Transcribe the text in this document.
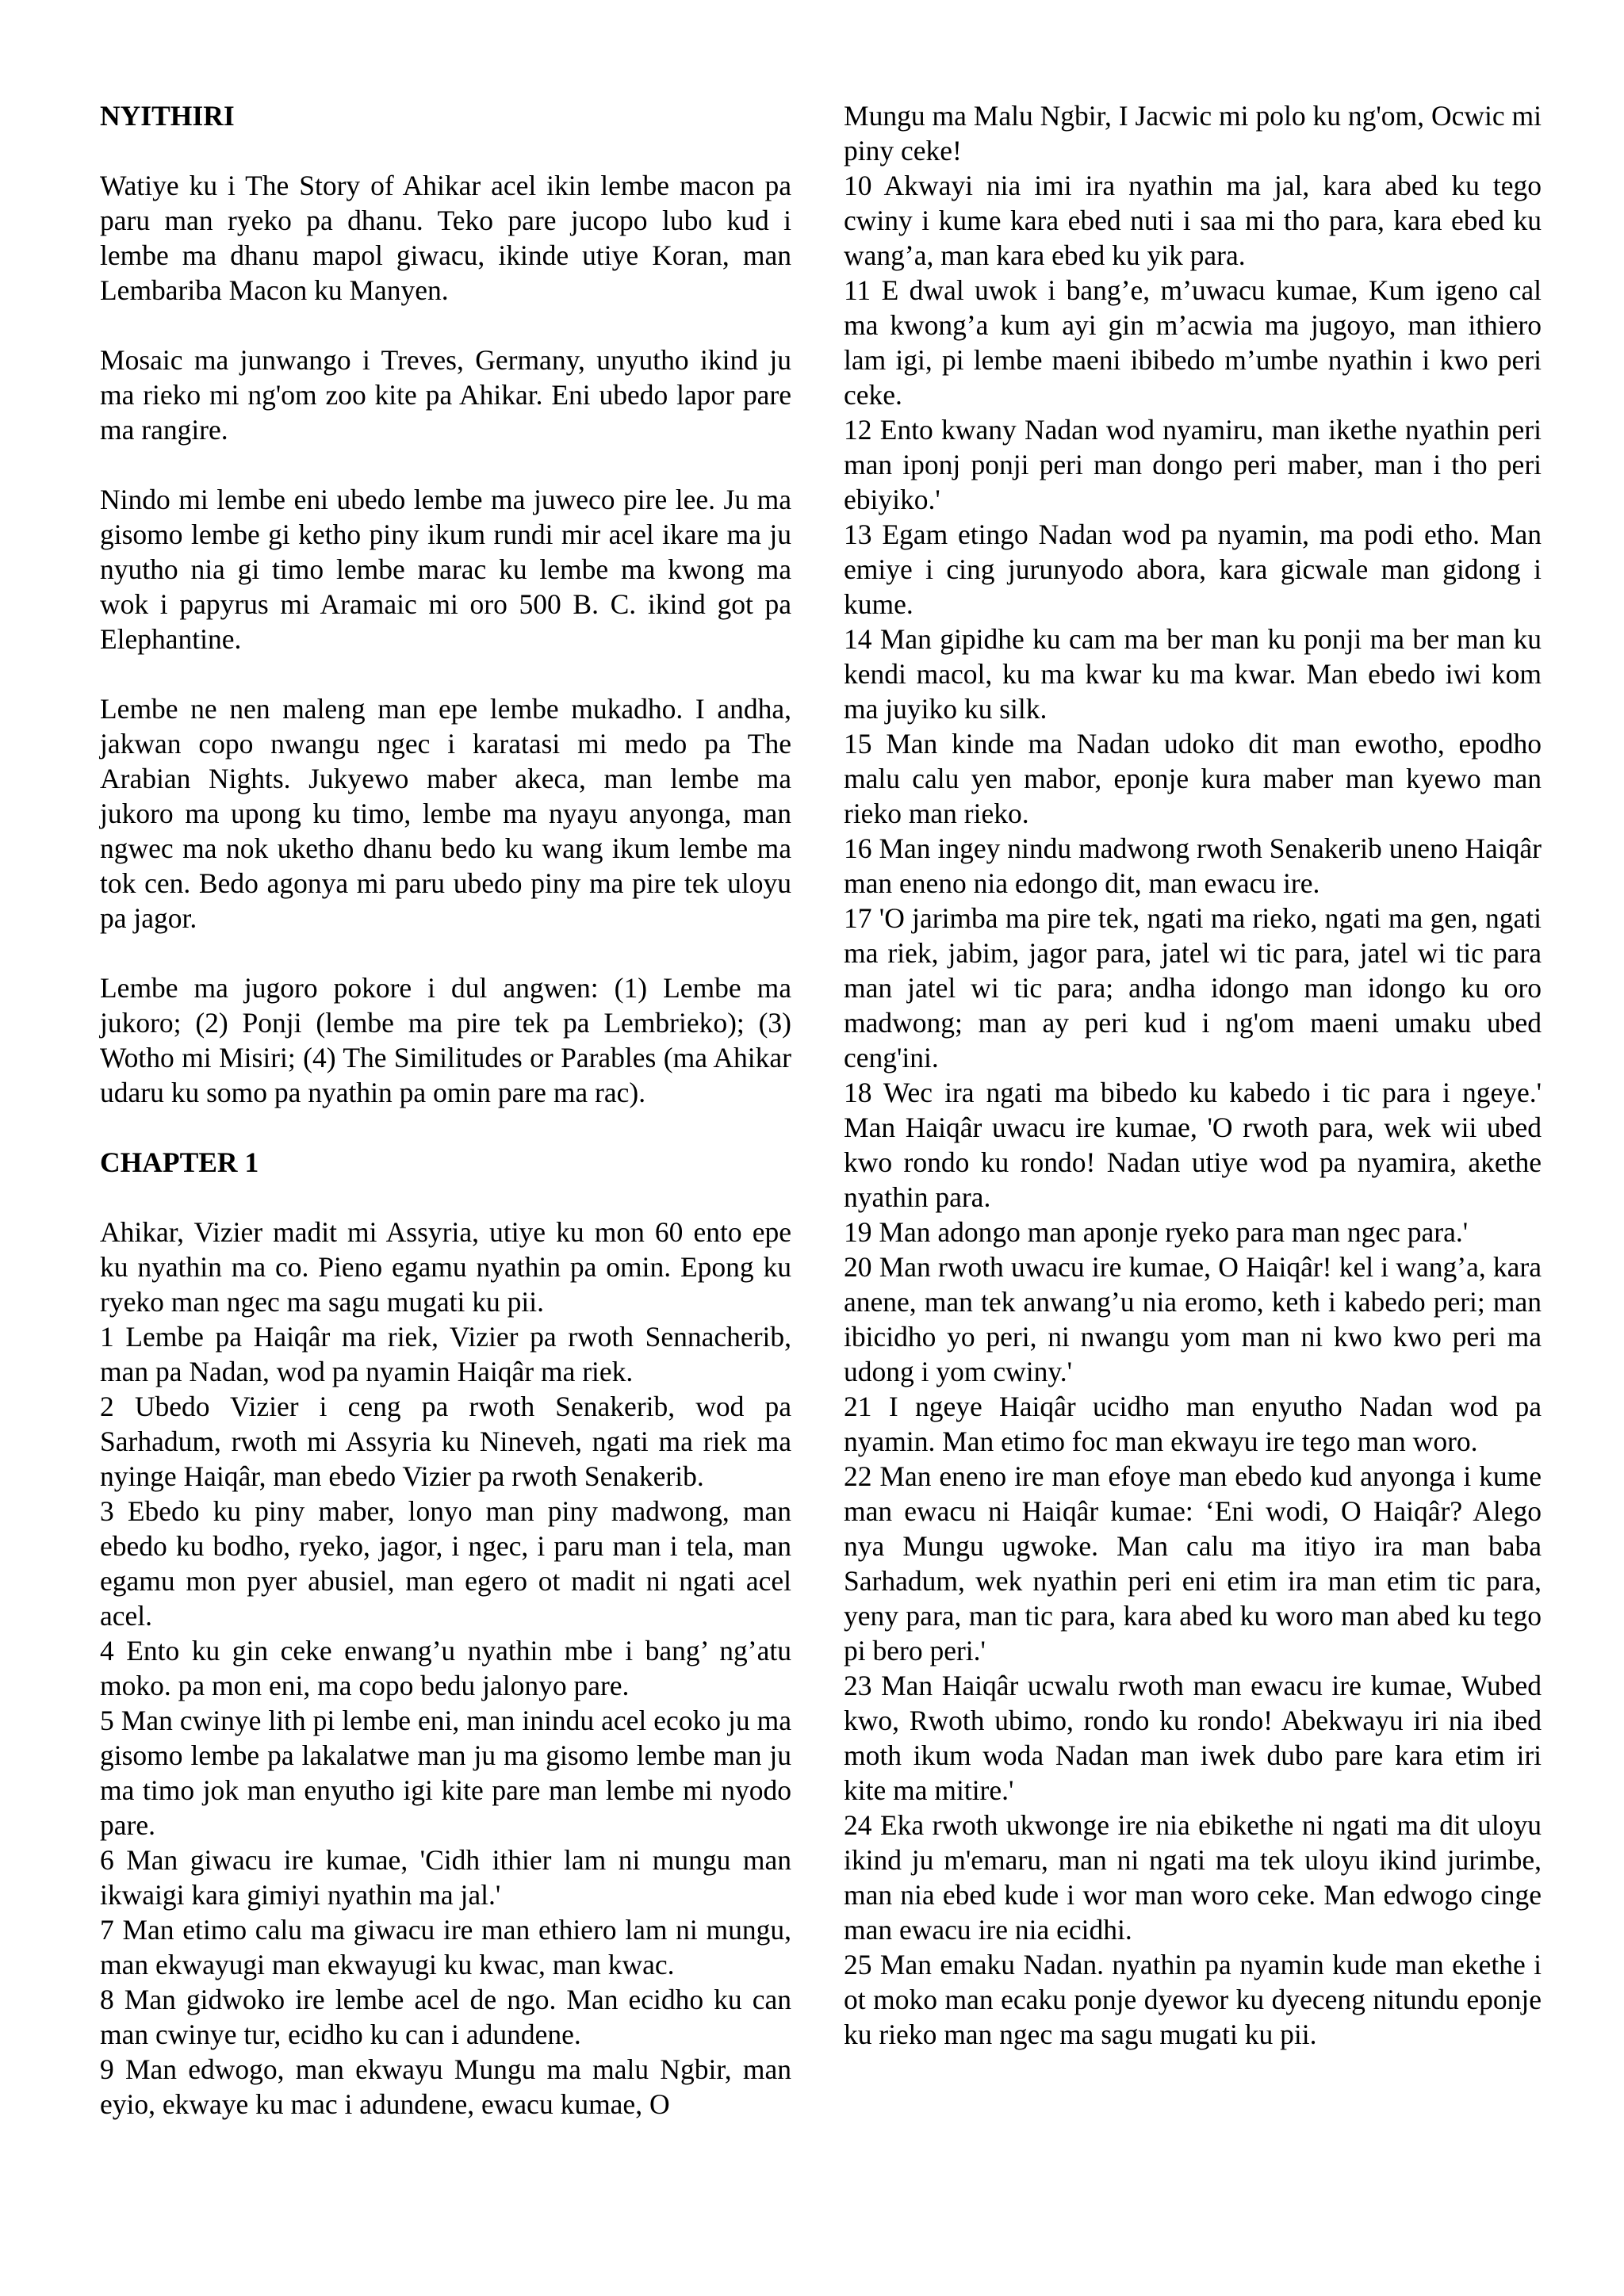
NYITHIRI
Watiye ku i The Story of Ahikar acel ikin lembe macon pa paru man ryeko pa dhanu. Teko pare jucopo lubo kud i lembe ma dhanu mapol giwacu, ikinde utiye Koran, man Lembariba Macon ku Manyen.
Mosaic ma junwango i Treves, Germany, unyutho ikind ju ma rieko mi ng'om zoo kite pa Ahikar. Eni ubedo lapor pare ma rangire.
Nindo mi lembe eni ubedo lembe ma juweco pire lee. Ju ma gisomo lembe gi ketho piny ikum rundi mir acel ikare ma ju nyutho nia gi timo lembe marac ku lembe ma kwong ma wok i papyrus mi Aramaic mi oro 500 B. C. ikind got pa Elephantine.
Lembe ne nen maleng man epe lembe mukadho. I andha, jakwan copo nwangu ngec i karatasi mi medo pa The Arabian Nights. Jukyewo maber akeca, man lembe ma jukoro ma upong ku timo, lembe ma nyayu anyonga, man ngwec ma nok uketho dhanu bedo ku wang ikum lembe ma tok cen. Bedo agonya mi paru ubedo piny ma pire tek uloyu pa jagor.
Lembe ma jugoro pokore i dul angwen: (1) Lembe ma jukoro; (2) Ponji (lembe ma pire tek pa Lembrieko); (3) Wotho mi Misiri; (4) The Similitudes or Parables (ma Ahikar udaru ku somo pa nyathin pa omin pare ma rac).
CHAPTER 1
Ahikar, Vizier madit mi Assyria, utiye ku mon 60 ento epe ku nyathin ma co. Pieno egamu nyathin pa omin. Epong ku ryeko man ngec ma sagu mugati ku pii.
1 Lembe pa Haiqâr ma riek, Vizier pa rwoth Sennacherib, man pa Nadan, wod pa nyamin Haiqâr ma riek.
2 Ubedo Vizier i ceng pa rwoth Senakerib, wod pa Sarhadum, rwoth mi Assyria ku Nineveh, ngati ma riek ma nyinge Haiqâr, man ebedo Vizier pa rwoth Senakerib.
3 Ebedo ku piny maber, lonyo man piny madwong, man ebedo ku bodho, ryeko, jagor, i ngec, i paru man i tela, man egamu mon pyer abusiel, man egero ot madit ni ngati acel acel.
4 Ento ku gin ceke enwang’u nyathin mbe i bang’ ng’atu moko. pa mon eni, ma copo bedu jalonyo pare.
5 Man cwinye lith pi lembe eni, man inindu acel ecoko ju ma gisomo lembe pa lakalatwe man ju ma gisomo lembe man ju ma timo jok man enyutho igi kite pare man lembe mi nyodo pare.
6 Man giwacu ire kumae, 'Cidh ithier lam ni mungu man ikwaigi kara gimiyi nyathin ma jal.'
7 Man etimo calu ma giwacu ire man ethiero lam ni mungu, man ekwayugi man ekwayugi ku kwac, man kwac.
8 Man gidwoko ire lembe acel de ngo. Man ecidho ku can man cwinye tur, ecidho ku can i adundene.
9 Man edwogo, man ekwayu Mungu ma malu Ngbir, man eyio, ekwaye ku mac i adundene, ewacu kumae, O
Mungu ma Malu Ngbir, I Jacwic mi polo ku ng'om, Ocwic mi piny ceke!
10 Akwayi nia imi ira nyathin ma jal, kara abed ku tego cwiny i kume kara ebed nuti i saa mi tho para, kara ebed ku wang’a, man kara ebed ku yik para.
11 E dwal uwok i bang’e, m’uwacu kumae, Kum igeno cal ma kwong’a kum ayi gin m’acwia ma jugoyo, man ithiero lam igi, pi lembe maeni ibibedo m’umbe nyathin i kwo peri ceke.
12 Ento kwany Nadan wod nyamiru, man ikethe nyathin peri man iponj ponji peri man dongo peri maber, man i tho peri ebiyiko.'
13 Egam etingo Nadan wod pa nyamin, ma podi etho. Man emiye i cing jurunyodo abora, kara gicwale man gidong i kume.
14 Man gipidhe ku cam ma ber man ku ponji ma ber man ku kendi macol, ku ma kwar ku ma kwar. Man ebedo iwi kom ma juyiko ku silk.
15 Man kinde ma Nadan udoko dit man ewotho, epodho malu calu yen mabor, eponje kura maber man kyewo man rieko man rieko.
16 Man ingey nindu madwong rwoth Senakerib uneno Haiqâr man eneno nia edongo dit, man ewacu ire.
17 'O jarimba ma pire tek, ngati ma rieko, ngati ma gen, ngati ma riek, jabim, jagor para, jatel wi tic para, jatel wi tic para man jatel wi tic para; andha idongo man idongo ku oro madwong; man ay peri kud i ng'om maeni umaku ubed ceng'ini.
18 Wec ira ngati ma bibedo ku kabedo i tic para i ngeye.' Man Haiqâr uwacu ire kumae, 'O rwoth para, wek wii ubed kwo rondo ku rondo! Nadan utiye wod pa nyamira, akethe nyathin para.
19 Man adongo man aponje ryeko para man ngec para.'
20 Man rwoth uwacu ire kumae, O Haiqâr! kel i wang’a, kara anene, man tek anwang’u nia eromo, keth i kabedo peri; man ibicidho yo peri, ni nwangu yom man ni kwo kwo peri ma udong i yom cwiny.'
21 I ngeye Haiqâr ucidho man enyutho Nadan wod pa nyamin. Man etimo foc man ekwayu ire tego man woro.
22 Man eneno ire man efoye man ebedo kud anyonga i kume man ewacu ni Haiqâr kumae: ‘Eni wodi, O Haiqâr? Alego nya Mungu ugwoke. Man calu ma itiyo ira man baba Sarhadum, wek nyathin peri eni etim ira man etim tic para, yeny para, man tic para, kara abed ku woro man abed ku tego pi bero peri.'
23 Man Haiqâr ucwalu rwoth man ewacu ire kumae, Wubed kwo, Rwoth ubimo, rondo ku rondo! Abekwayu iri nia ibed moth ikum woda Nadan man iwek dubo pare kara etim iri kite ma mitire.'
24 Eka rwoth ukwonge ire nia ebikethe ni ngati ma dit uloyu ikind ju m'emaru, man ni ngati ma tek uloyu ikind jurimbe, man nia ebed kude i wor man woro ceke. Man edwogo cinge man ewacu ire nia ecidhi.
25 Man emaku Nadan. nyathin pa nyamin kude man ekethe i ot moko man ecaku ponje dyewor ku dyeceng nitundu eponje ku rieko man ngec ma sagu mugati ku pii.
